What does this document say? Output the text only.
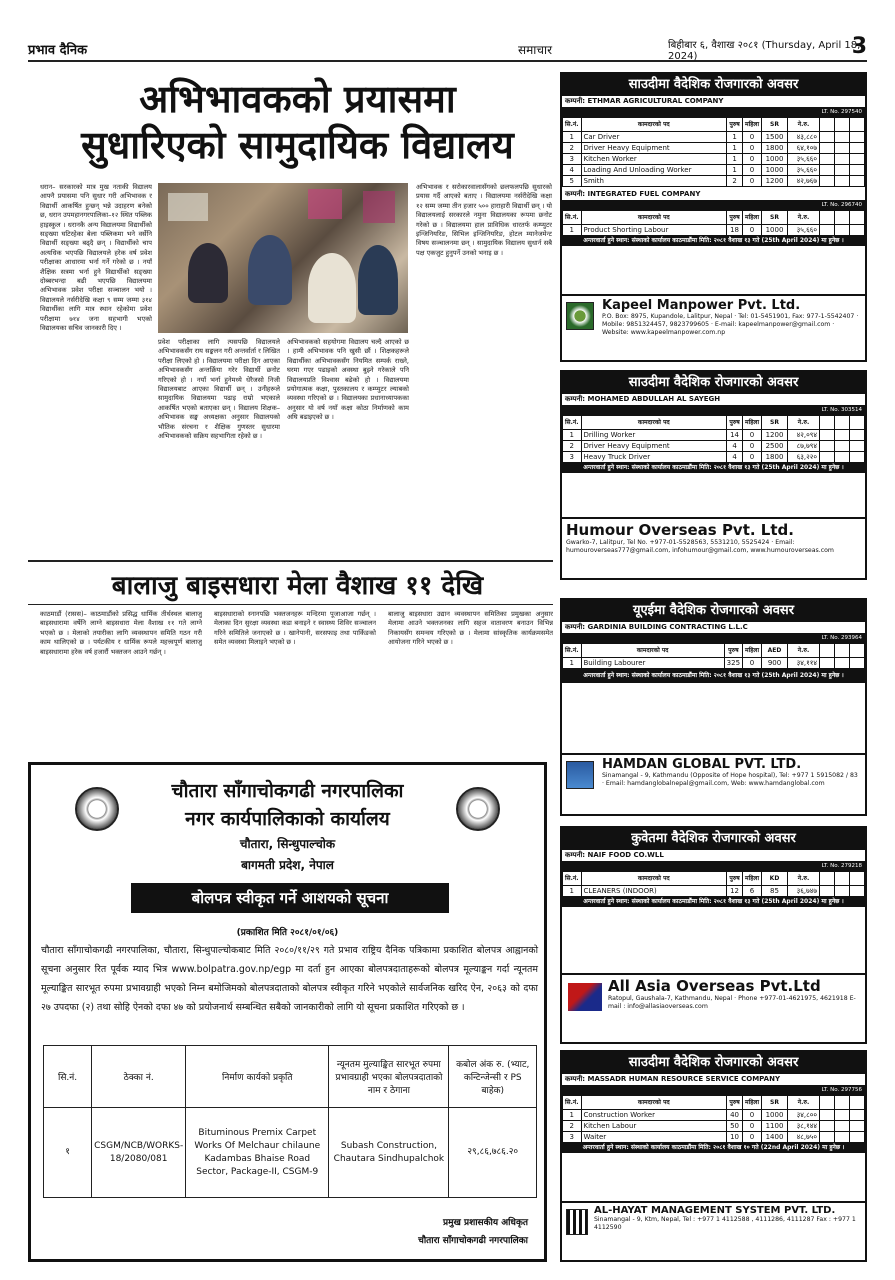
प्रभाव दैनिक	समाचार	बिहीबार ६, वैशाख २०८१ (Thursday, April 18, 2024)	3
अभिभावकको प्रयासमा
सुधारिएको सामुदायिक विद्यालय
धरान– सरकारको मात्र मुख नताकी विद्यालय आफ्नै प्रयासमा पनि सुधार गरी अभिभावक र विद्यार्थी आकर्षित हुन्छन् भन्ने उदाहरण बनेको छ, धरान उपमहानगरपालिका–१२ स्थित पब्लिक हाइस्कुल । धरानकै अन्य विद्यालयमा विद्यार्थीको सङ्ख्या घटिरहेका बेला पब्लिकमा भने वर्सेनि विद्यार्थी सङ्ख्या बढ्दै छन् । विद्यार्थीको चाप अत्यधिक भएपछि विद्यालयले हरेक वर्ष प्रवेश परीक्षाका आधारमा भर्ना गर्ने गरेको छ । नयाँ शैक्षिक सत्रमा भर्ना हुने विद्यार्थीको सङ्ख्या दोब्बरभन्दा बढी भएपछि विद्यालयमा अभिभावक प्रवेश परीक्षा सञ्चालन भयो । विद्यालयले नर्सरीदेखि कक्षा ९ सम्म जम्मा ३१४ विद्यार्थीका लागि मात्र स्थान रहेकोमा प्रवेश परीक्षामा ७१४ जना सहभागी भएको विद्यालयका सचिव जानकारी दिए ।
प्रवेश परीक्षाका लागि त्यसपछि विद्यालयले अभिभावकसँग राय सङ्कलन गरी अन्तर्वार्ता र लिखित परीक्षा लिएको हो । विद्यालयमा परीक्षा दिन आएका अभिभावकसँग अन्तर्क्रिया गरेर विद्यार्थी छनोट गरिएको हो । नयाँ भर्ना हुनेमध्ये धेरैजसो निजी विद्यालयबाट आएका विद्यार्थी छन् । उनीहरूले सामुदायिक विद्यालयमा पढाइ राम्रो भएकाले आकर्षित भएको बताएका छन् । विद्यालय शिक्षक–अभिभावक सङ्घ अध्यक्षका अनुसार विद्यालयको भौतिक संरचना र शैक्षिक गुणस्तर सुधारमा अभिभावकको सक्रिय सहभागिता रहेको छ ।
अभिभावकको सहयोगमा विद्यालय चल्दै आएको छ । हामी अभिभावक पनि खुसी छौं । शिक्षकहरूले विद्यार्थीका अभिभावकसँग नियमित सम्पर्क राख्ने, घरमा गएर पढाइको अवस्था बुझ्ने गरेकाले पनि विद्यालयप्रति विश्वास बढेको हो । विद्यालयमा प्रयोगात्मक कक्षा, पुस्तकालय र कम्प्युटर ल्याबको व्यवस्था गरिएको छ । विद्यालयका प्रधानाध्यापकका अनुसार यो वर्ष नयाँ कक्षा कोठा निर्माणको काम अघि बढाइएको छ ।
अभिभावक र सरोकारवालासँगको छलफलपछि सुधारको प्रयास गर्दै आएको बताए । विद्यालयमा नर्सरीदेखि कक्षा १२ सम्म जम्मा तीन हजार ५०० हाराहारी विद्यार्थी छन् । यो विद्यालयलाई सरकारले नमुना विद्यालयका रूपमा छनोट गरेको छ । विद्यालयमा हाल प्राविधिक धारतर्फ कम्प्युटर इन्जिनियरिङ, सिभिल इन्जिनियरिङ, होटल म्यानेजमेन्ट विषय सञ्चालनमा छन् । सामुदायिक विद्यालय सुधार्न सबै पक्ष एकजुट हुनुपर्ने उनको भनाइ छ ।
बालाजु बाइसधारा मेला वैशाख ११ देखि
काठमाडौं (रासस)– काठमाडौंको प्रसिद्ध धार्मिक तीर्थस्थल बालाजु बाइसधारामा वर्षेनि लाग्ने बाइसधारा मेला वैशाख ११ गते लाग्ने भएको छ । मेलाको तयारीका लागि व्यवस्थापन समिति गठन गरी काम थालिएको छ । पर्यटकीय र धार्मिक रूपले महत्त्वपूर्ण बालाजु बाइसधारामा हरेक वर्ष हजारौं भक्तजन आउने गर्छन् ।
बाइसधाराको स्नानपछि भक्तजनहरू मन्दिरमा पूजाआजा गर्छन् । मेलाका दिन सुरक्षा व्यवस्था कडा बनाइने र स्वास्थ्य शिविर सञ्चालन गरिने समितिले जनाएको छ । खानेपानी, सरसफाइ तथा पार्किङको समेत व्यवस्था मिलाइने भएको छ ।
बालाजु बाइसधारा उद्यान व्यवस्थापन समितिका प्रमुखका अनुसार मेलामा आउने भक्तजनका लागि सहज वातावरण बनाउन विभिन्न निकायसँग समन्वय गरिएको छ । मेलामा सांस्कृतिक कार्यक्रमसमेत आयोजना गरिने भएको छ ।
चौतारा साँगाचोकगढी नगरपालिका
नगर कार्यपालिकाको कार्यालय
चौतारा, सिन्धुपाल्चोक
बागमती प्रदेश, नेपाल
बोलपत्र स्वीकृत गर्ने आशयको सूचना
(प्रकाशित मिति २०८१/०१/०६)
चौतारा साँगाचोकगढी नगरपालिका, चौतारा, सिन्धुपाल्चोकबाट मिति २०८०/११/२९ गते प्रभाव राष्ट्रिय दैनिक पत्रिकामा प्रकाशित बोलपत्र आह्वानको सूचना अनुसार रित पूर्वक म्याद भित्र www.bolpatra.gov.np/egp मा दर्ता हुन आएका बोलपत्रदाताहरूको बोलपत्र मूल्याङ्कन गर्दा न्यूनतम मूल्याङ्कित सारभूत रुपमा प्रभावग्राही भएको निम्न बमोजिमको बोलपत्रदाताको बोलपत्र स्वीकृत गरिने भएकोले सार्वजनिक खरिद ऐन, २०६३ को दफा २७ उपदफा (२) तथा सोहि ऐनको दफा ४७ को प्रयोजनार्थ सम्बन्धित सबैको जानकारीको लागि यो सूचना प्रकाशित गरिएको छ ।
सि.नं.	ठेक्का नं.	निर्माण कार्यको प्रकृति	न्यूनतम मुल्याङ्कित सारभूत रुपमा प्रभावग्राही भएका बोलपत्रदाताको नाम र ठेगाना	कबोल अंक रु. (भ्याट, कन्टिन्जेन्सी र PS बाहेक)
१	CSGM/NCB/WORKS-18/2080/081	Bituminous Premix Carpet Works Of Melchaur chilaune Kadambas Bhaise Road Sector, Package-II, CSGM-9	Subash Construction, Chautara Sindhupalchok	२९,८६,७८६.२०
प्रमुख प्रशासकीय अधिकृत
चौतारा साँगाचोकगढी नगरपालिका
साउदीमा वैदेशिक रोजगारको अवसर
कम्पनी: ETHMAR AGRICULTURAL COMPANY
LT. No. 297540
सि.नं.	कामदारको पद	पुरुष	महिला	SR	ने.रु.			
1	Car Driver	1	0	1500	४३,८८०			
2	Driver Heavy Equipment	1	0	1800	६४,१०७			
3	Kitchen Worker	1	0	1000	३५,६६०			
4	Loading And Unloading Worker	1	0	1000	३५,६६०			
5	Smith	2	0	1200	४२,७६७			
कम्पनी: INTEGRATED FUEL COMPANY
LT. No. 296740
सि.नं.	कामदारको पद	पुरुष	महिला	SR	ने.रु.			
1	Product Shorting Labour	18	0	1000	३५,६६०			
अन्तरवार्ता हुने स्थान: संस्थाको कार्यालय काठमाडौंमा मिति: २०८१ वैशाख १३ गते (25th April 2024) मा हुनेछ ।
Kapeel Manpower Pvt. Ltd.
P.O. Box: 8975, Kupandole, Lalitpur, Nepal · Tel: 01-5451901, Fax: 977-1-5542407 · Mobile: 9851324457, 9823799605 · E-mail: kapeelmanpower@gmail.com · Website: www.kapeelmanpower.com.np
साउदीमा वैदेशिक रोजगारको अवसर
कम्पनी: MOHAMED ABDULLAH AL SAYEGH
LT. No. 303514
सि.नं.	कामदारको पद	पुरुष	महिला	SR	ने.रु.			
1	Drilling Worker	14	0	1200	४२,०९४			
2	Driver Heavy Equipment	4	0	2500	८७,७९४			
3	Heavy Truck Driver	4	0	1800	६३,२२०			
अन्तरवार्ता हुने स्थान: संस्थाको कार्यालय काठमाडौंमा मिति: २०८१ वैशाख १३ गते (25th April 2024) मा हुनेछ ।
Humour Overseas Pvt. Ltd.
Gwarko-7, Lalitpur, Tel No. +977-01-5528563, 5531210, 5525424 · Email: humouroverseas777@gmail.com, infohumour@gmail.com, www.humouroverseas.com
यूएईमा वैदेशिक रोजगारको अवसर
कम्पनी: GARDINIA BUILDING CONTRACTING L.L.C
LT. No. 293964
सि.नं.	कामदारको पद	पुरुष	महिला	AED	ने.रु.			
1	Building Labourer	325	0	900	३४,११४			
अन्तरवार्ता हुने स्थान: संस्थाको कार्यालय काठमाडौंमा मिति: २०८१ वैशाख १३ गते (25th April 2024) मा हुनेछ ।
HAMDAN GLOBAL PVT. LTD.
Sinamangal - 9, Kathmandu (Opposite of Hope hospital), Tel: +977 1 5915082 / 83 · Email: hamdanglobalnepal@gmail.com, Web: www.hamdanglobal.com
कुवेतमा वैदेशिक रोजगारको अवसर
कम्पनी: NAIF FOOD CO.WLL
LT. No. 279218
सि.नं.	कामदारको पद	पुरुष	महिला	KD	ने.रु.			
1	CLEANERS (INDOOR)	12	6	85	३६,७४७			
अन्तरवार्ता हुने स्थान: संस्थाको कार्यालय काठमाडौंमा मिति: २०८१ वैशाख १३ गते (25th April 2024) मा हुनेछ ।
All Asia Overseas Pvt.Ltd
Ratopul, Gaushala-7, Kathmandu, Nepal · Phone +977-01-4621975, 4621918 E-mail : info@allasiaoverseas.com
साउदीमा वैदेशिक रोजगारको अवसर
कम्पनी: MASSADR HUMAN RESOURCE SERVICE COMPANY
LT. No. 297756
सि.नं.	कामदारको पद	पुरुष	महिला	SR	ने.रु.			
1	Construction Worker	40	0	1000	३४,८००			
2	Kitchen Labour	50	0	1100	३८,१४४			
3	Waiter	10	0	1400	४८,७५०			
अन्तरवार्ता हुने स्थान: संस्थाको कार्यालय काठमाडौंमा मिति: २०८१ वैशाख १० गते (22nd April 2024) मा हुनेछ ।
AL-HAYAT MANAGEMENT SYSTEM PVT. LTD.
Sinamangal - 9, Ktm, Nepal, Tel : +977 1 4112588 , 4111286, 4111287 Fax : +977 1 4112590
